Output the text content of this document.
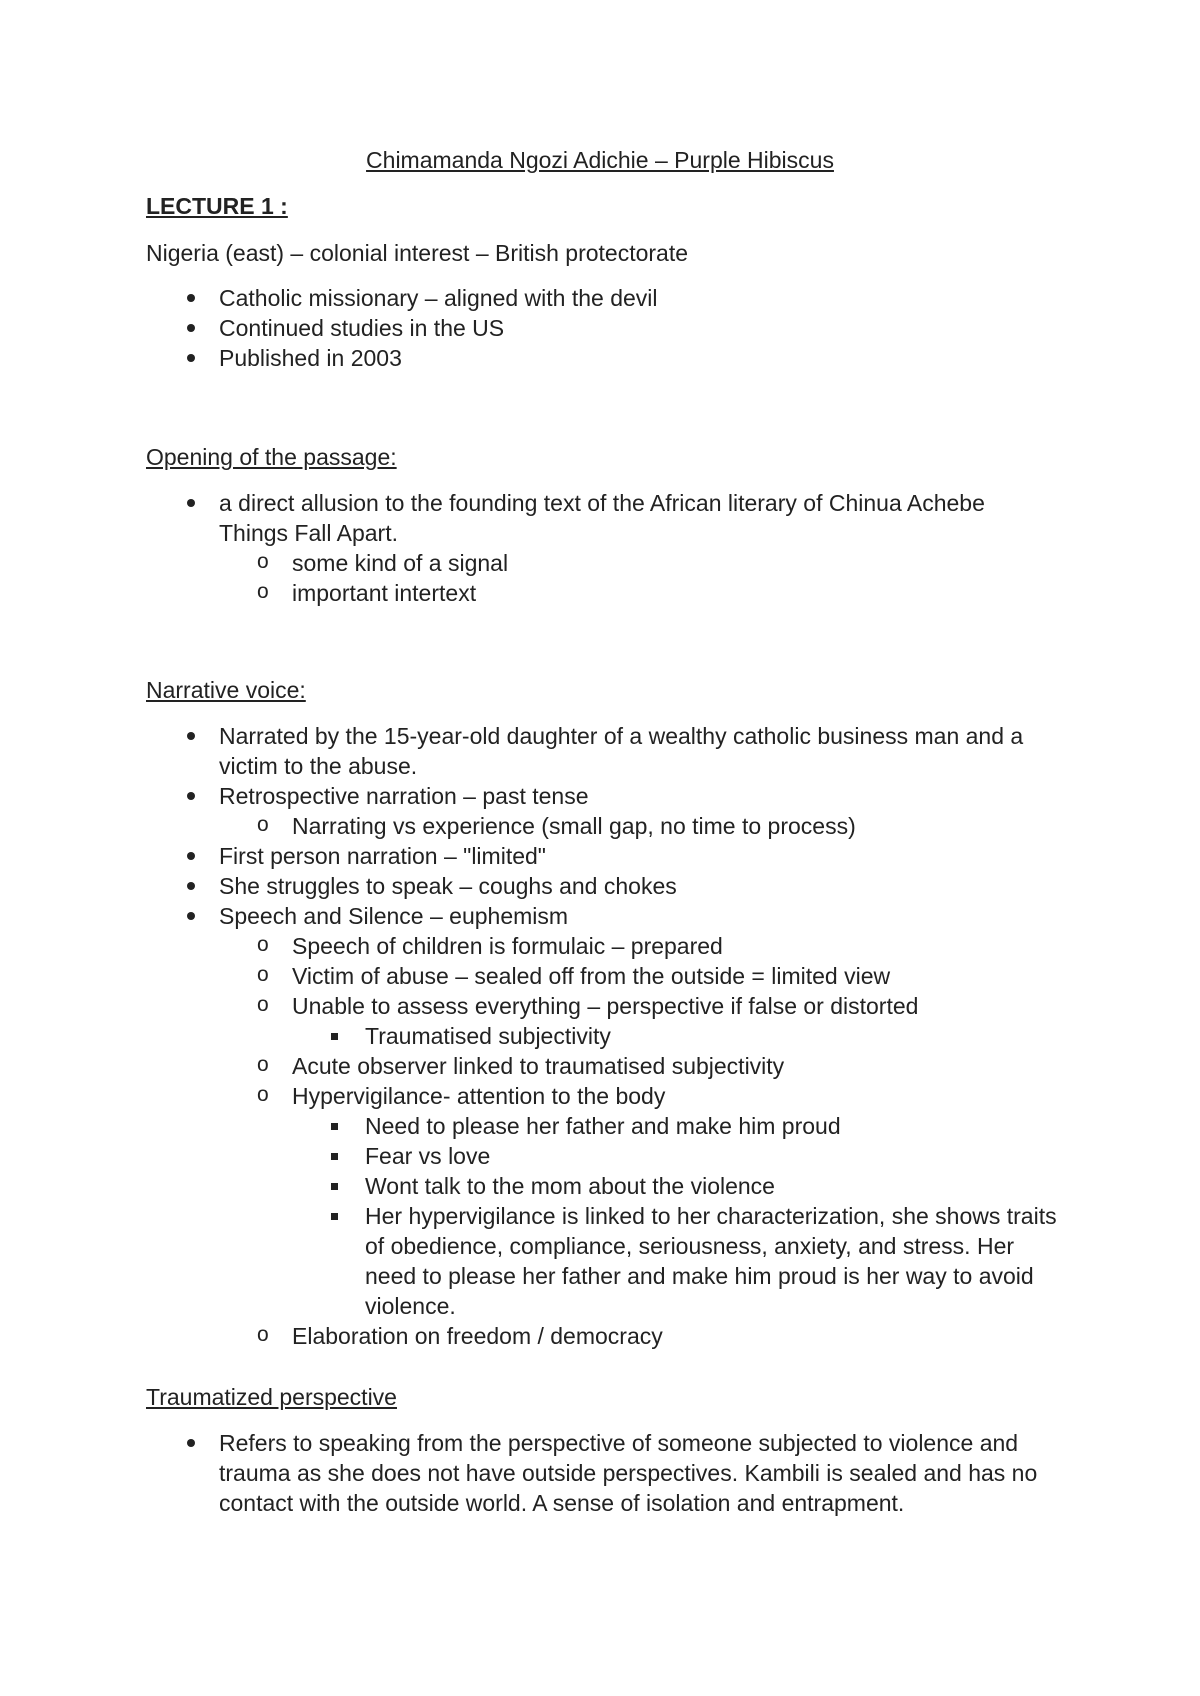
Chimamanda Ngozi Adichie – Purple Hibiscus
LECTURE 1 :
Nigeria (east) – colonial interest – British protectorate
Catholic missionary – aligned with the devil
Continued studies in the US
Published in 2003
Opening of the passage:
a direct allusion to the founding text of the African literary of Chinua Achebe Things Fall Apart.
o some kind of a signal
o important intertext
Narrative voice:
Narrated by the 15-year-old daughter of a wealthy catholic business man and a victim to the abuse.
Retrospective narration – past tense
o Narrating vs experience (small gap, no time to process)
First person narration – "limited"
She struggles to speak – coughs and chokes
Speech and Silence – euphemism
o Speech of children is formulaic – prepared
o Victim of abuse – sealed off from the outside = limited view
o Unable to assess everything – perspective if false or distorted
Traumatised subjectivity
o Acute observer linked to traumatised subjectivity
o Hypervigilance- attention to the body
Need to please her father and make him proud
Fear vs love
Wont talk to the mom about the violence
Her hypervigilance is linked to her characterization, she shows traits of obedience, compliance, seriousness, anxiety, and stress. Her need to please her father and make him proud is her way to avoid violence.
o Elaboration on freedom / democracy
Traumatized perspective
Refers to speaking from the perspective of someone subjected to violence and trauma as she does not have outside perspectives. Kambili is sealed and has no contact with the outside world. A sense of isolation and entrapment.
